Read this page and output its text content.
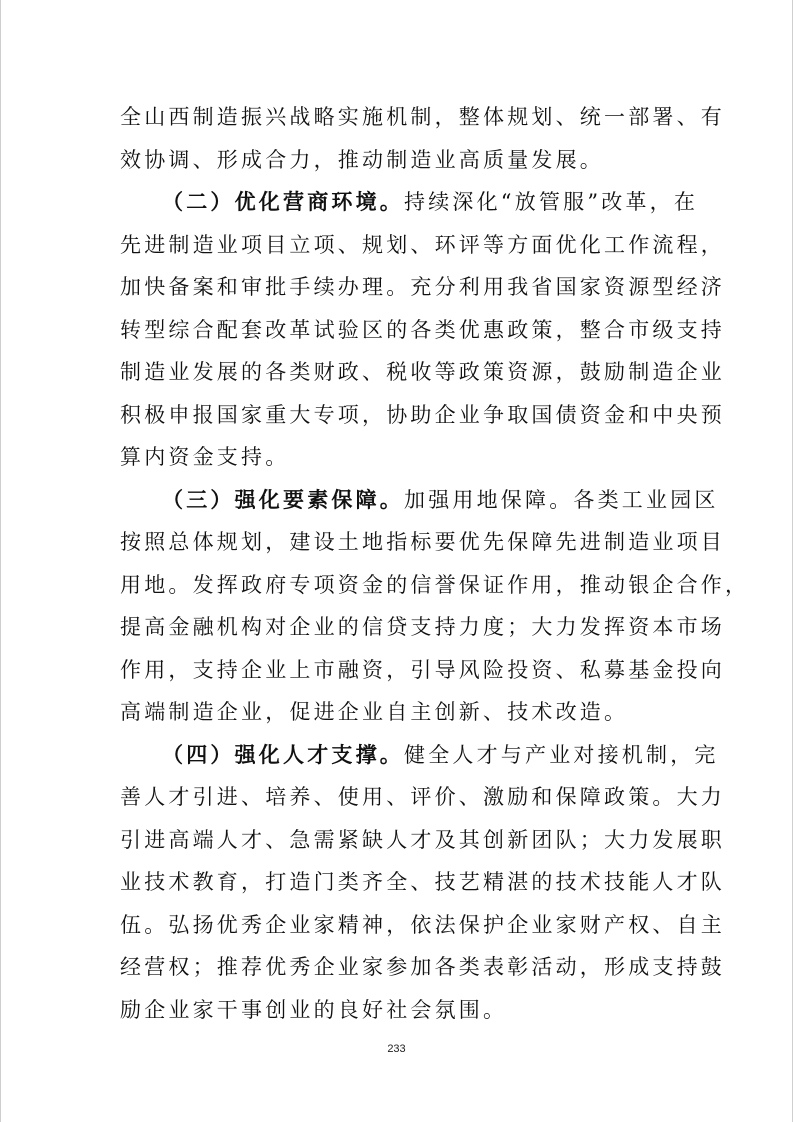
全山西制造振兴战略实施机制，整体规划、统一部署、有
效协调、形成合力，推动制造业高质量发展。
（二）优化营商环境。持续深化“放管服”改革，在
先进制造业项目立项、规划、环评等方面优化工作流程，
加快备案和审批手续办理。充分利用我省国家资源型经济
转型综合配套改革试验区的各类优惠政策，整合市级支持
制造业发展的各类财政、税收等政策资源，鼓励制造企业
积极申报国家重大专项，协助企业争取国债资金和中央预
算内资金支持。
（三）强化要素保障。加强用地保障。各类工业园区
按照总体规划，建设土地指标要优先保障先进制造业项目
用地。发挥政府专项资金的信誉保证作用，推动银企合作，
提高金融机构对企业的信贷支持力度；大力发挥资本市场
作用，支持企业上市融资，引导风险投资、私募基金投向
高端制造企业，促进企业自主创新、技术改造。
（四）强化人才支撑。健全人才与产业对接机制，完
善人才引进、培养、使用、评价、激励和保障政策。大力
引进高端人才、急需紧缺人才及其创新团队；大力发展职
业技术教育，打造门类齐全、技艺精湛的技术技能人才队
伍。弘扬优秀企业家精神，依法保护企业家财产权、自主
经营权；推荐优秀企业家参加各类表彰活动，形成支持鼓
励企业家干事创业的良好社会氛围。
233
